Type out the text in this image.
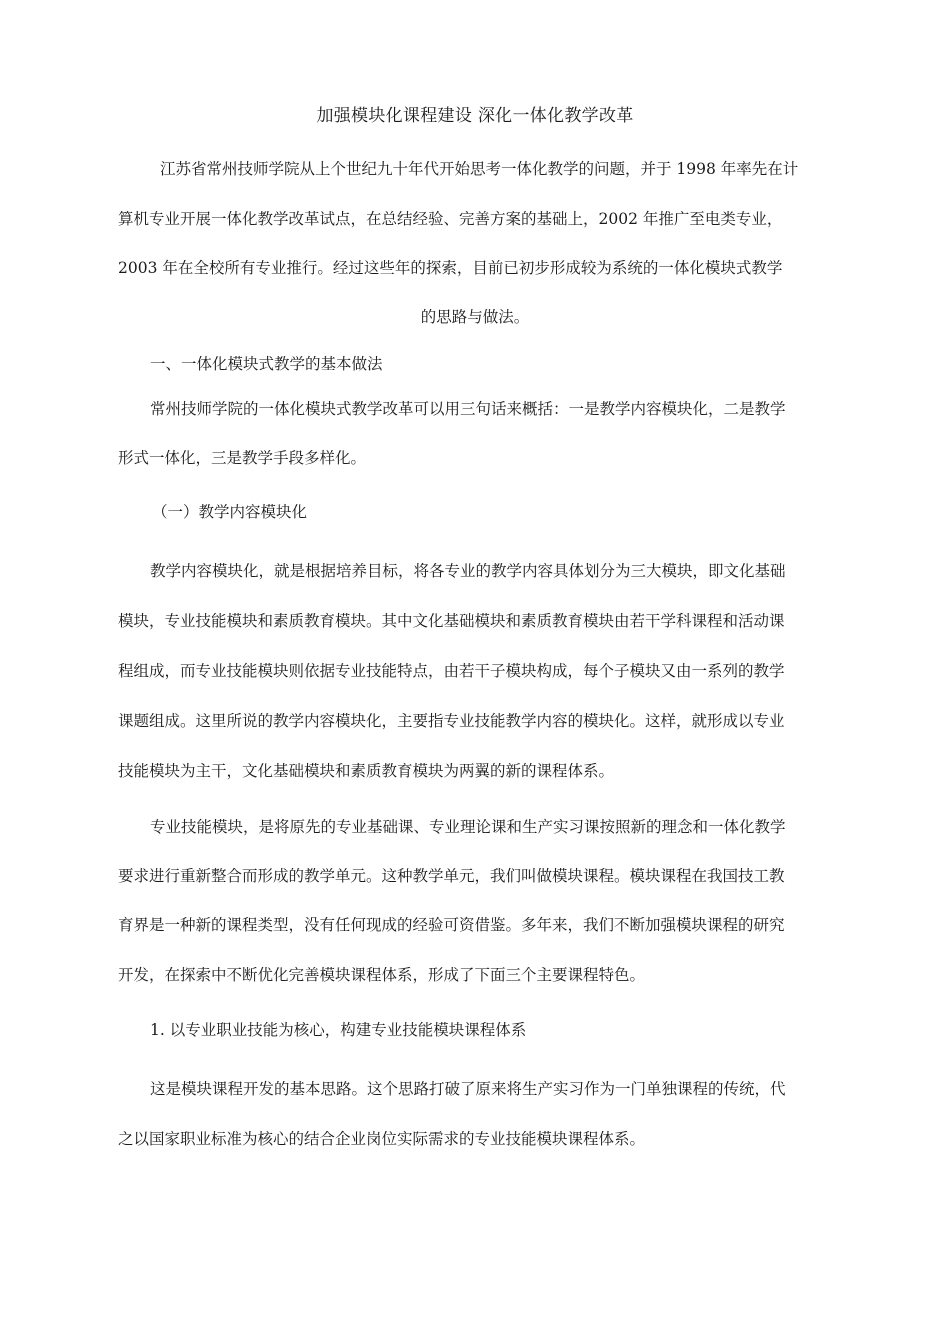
加强模块化课程建设 深化一体化教学改革
江苏省常州技师学院从上个世纪九十年代开始思考一体化教学的问题，并于 1998 年率先在计
算机专业开展一体化教学改革试点，在总结经验、完善方案的基础上，2002 年推广至电类专业，
2003 年在全校所有专业推行。经过这些年的探索，目前已初步形成较为系统的一体化模块式教学
的思路与做法。
一、一体化模块式教学的基本做法
常州技师学院的一体化模块式教学改革可以用三句话来概括：一是教学内容模块化，二是教学
形式一体化，三是教学手段多样化。
（一）教学内容模块化
教学内容模块化，就是根据培养目标，将各专业的教学内容具体划分为三大模块，即文化基础
模块，专业技能模块和素质教育模块。其中文化基础模块和素质教育模块由若干学科课程和活动课
程组成，而专业技能模块则依据专业技能特点，由若干子模块构成，每个子模块又由一系列的教学
课题组成。这里所说的教学内容模块化，主要指专业技能教学内容的模块化。这样，就形成以专业
技能模块为主干，文化基础模块和素质教育模块为两翼的新的课程体系。
专业技能模块，是将原先的专业基础课、专业理论课和生产实习课按照新的理念和一体化教学
要求进行重新整合而形成的教学单元。这种教学单元，我们叫做模块课程。模块课程在我国技工教
育界是一种新的课程类型，没有任何现成的经验可资借鉴。多年来，我们不断加强模块课程的研究
开发，在探索中不断优化完善模块课程体系，形成了下面三个主要课程特色。
1. 以专业职业技能为核心，构建专业技能模块课程体系
这是模块课程开发的基本思路。这个思路打破了原来将生产实习作为一门单独课程的传统，代
之以国家职业标准为核心的结合企业岗位实际需求的专业技能模块课程体系。
